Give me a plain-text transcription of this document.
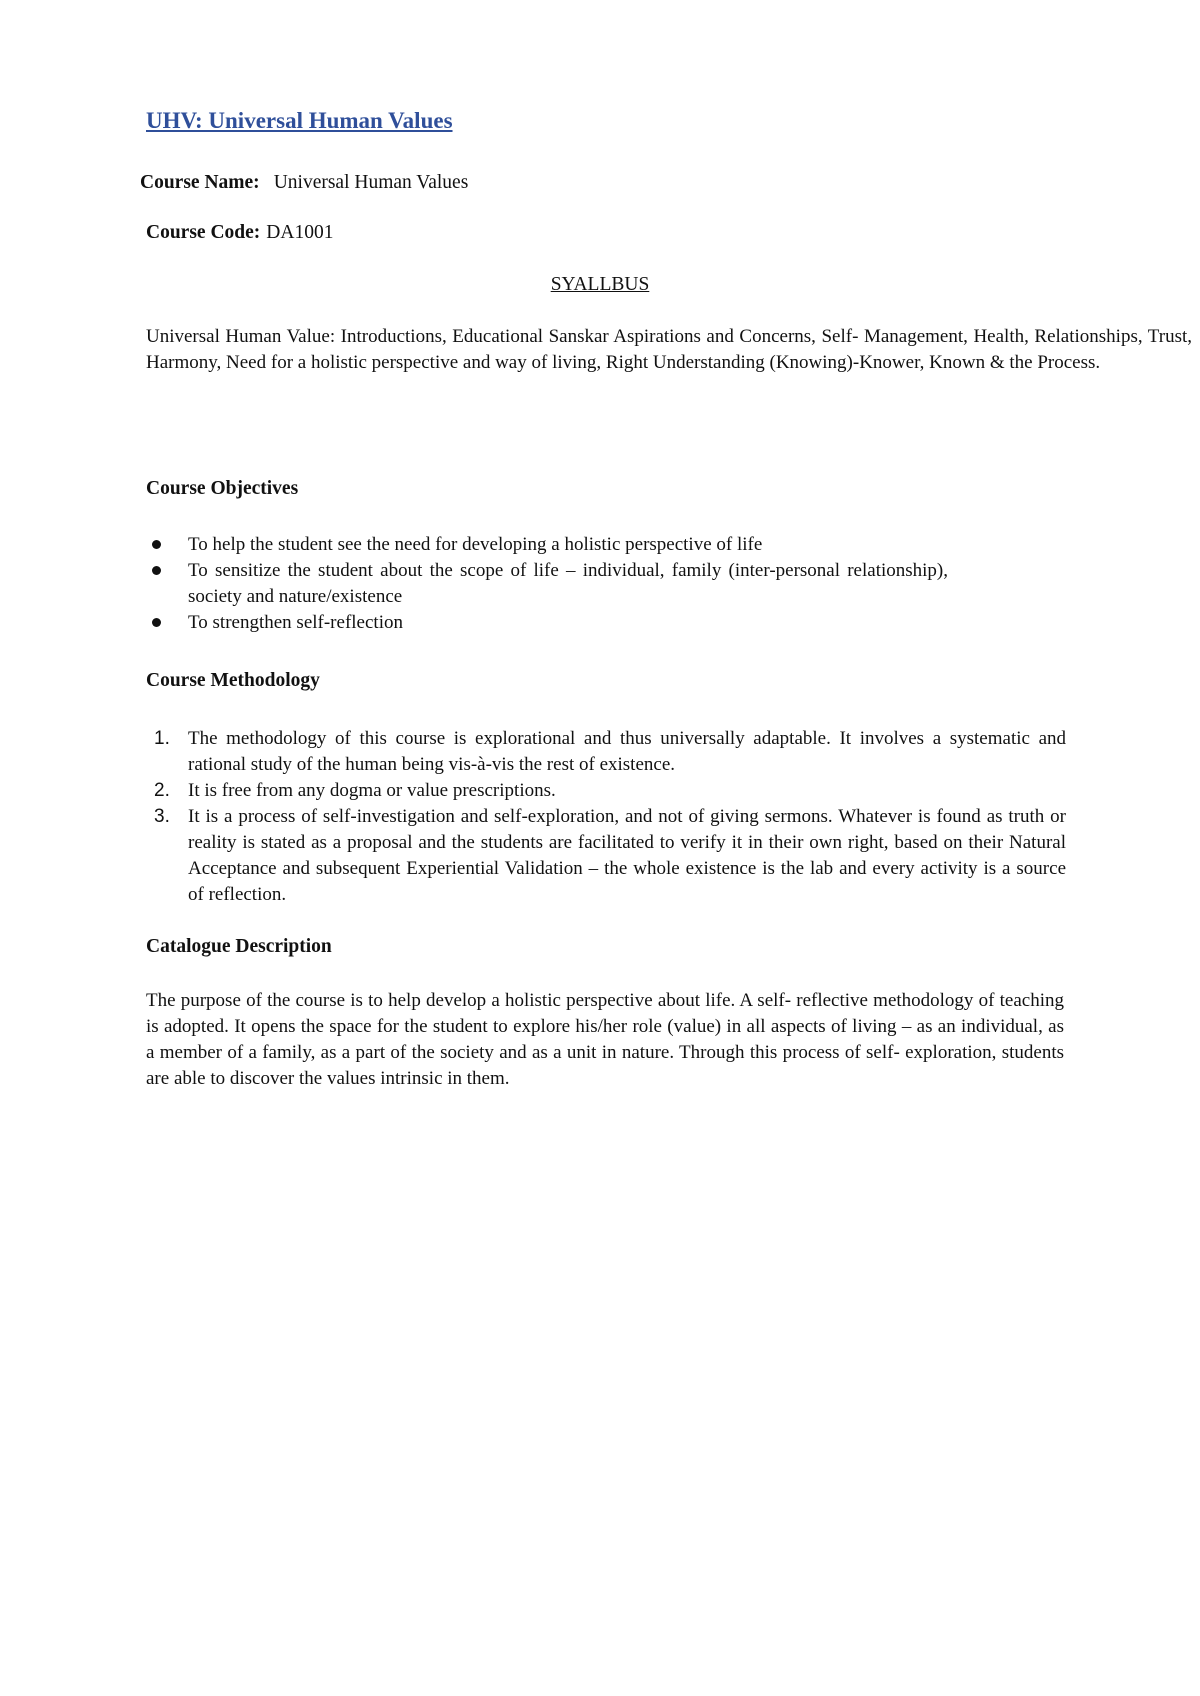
UHV: Universal Human Values
Course Name: Universal Human Values
Course Code: DA1001
SYALLBUS
Universal Human Value: Introductions, Educational Sanskar Aspirations and Concerns, Self- Management, Health, Relationships, Trust, Harmony, Need for a holistic perspective and way of living, Right Understanding (Knowing)-Knower, Known & the Process.
Course Objectives
To help the student see the need for developing a holistic perspective of life
To sensitize the student about the scope of life – individual, family (inter-personal relationship), society and nature/existence
To strengthen self-reflection
Course Methodology
1. The methodology of this course is explorational and thus universally adaptable. It involves a systematic and rational study of the human being vis-à-vis the rest of existence.
2. It is free from any dogma or value prescriptions.
3. It is a process of self-investigation and self-exploration, and not of giving sermons. Whatever is found as truth or reality is stated as a proposal and the students are facilitated to verify it in their own right, based on their Natural Acceptance and subsequent Experiential Validation – the whole existence is the lab and every activity is a source of reflection.
Catalogue Description
The purpose of the course is to help develop a holistic perspective about life. A self- reflective methodology of teaching is adopted. It opens the space for the student to explore his/her role (value) in all aspects of living – as an individual, as a member of a family, as a part of the society and as a unit in nature. Through this process of self- exploration, students are able to discover the values intrinsic in them.
